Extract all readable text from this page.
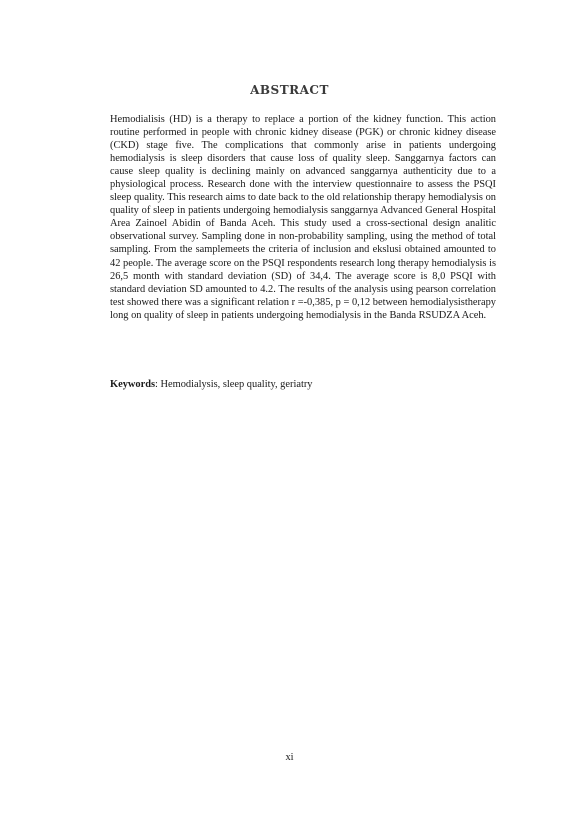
ABSTRACT

Hemodialisis (HD) is a therapy to replace a portion of the kidney function. This action routine performed in people with chronic kidney disease (PGK) or chronic kidney disease (CKD) stage five. The complications that commonly arise in patients undergoing hemodialysis is sleep disorders that cause loss of quality sleep. Sanggarnya factors can cause sleep quality is declining mainly on advanced sanggarnya authenticity due to a physiological process. Research done with the interview questionnaire to assess the PSQI sleep quality. This research aims to date back to the old relationship therapy hemodialysis on quality of sleep in patients undergoing hemodialysis sanggarnya Advanced General Hospital Area Zainoel Abidin of Banda Aceh. This study used a cross-sectional design analitic observational survey. Sampling done in non-probability sampling, using the method of total sampling. From the samplemeets the criteria of inclusion and ekslusi obtained amounted to 42 people. The average score on the PSQI respondents research long therapy hemodialysis is 26,5 month with standard deviation (SD) of 34,4. The average score is 8,0 PSQI with standard deviation SD amounted to 4.2. The results of the analysis using pearson correlation test showed there was a significant relation r =-0,385, p = 0,12 between hemodialysistherapy long on quality of sleep in patients undergoing hemodialysis in the Banda RSUDZA Aceh.

Keywords: Hemodialysis, sleep quality, geriatry

xi
